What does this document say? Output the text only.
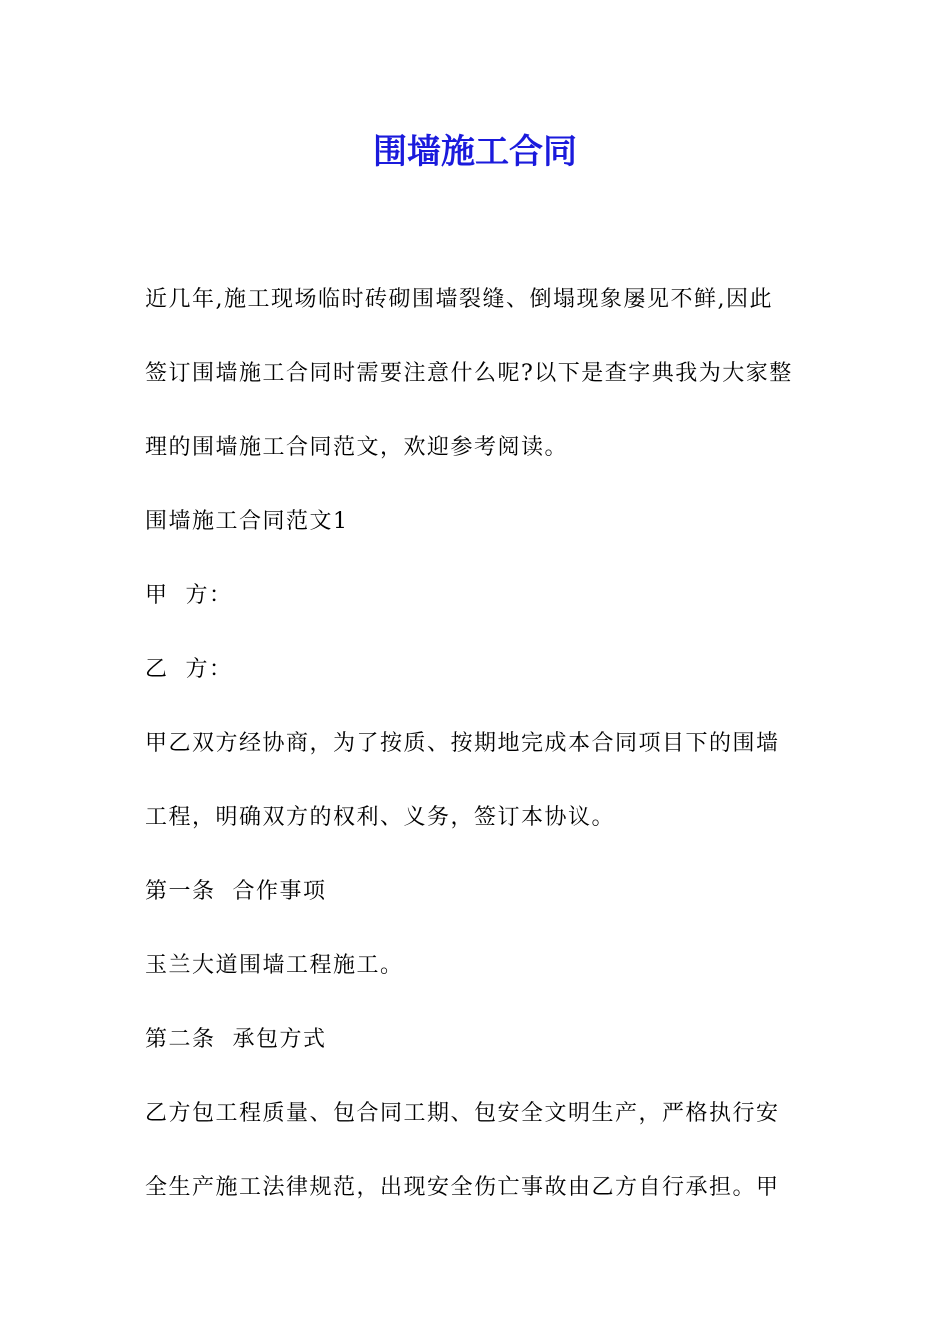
围墙施工合同

近几年,施工现场临时砖砌围墙裂缝、倒塌现象屡见不鲜,因此

签订围墙施工合同时需要注意什么呢?以下是查字典我为大家整

理的围墙施工合同范文，欢迎参考阅读。

围墙施工合同范文1

甲  方：

乙  方：

甲乙双方经协商，为了按质、按期地完成本合同项目下的围墙

工程，明确双方的权利、义务，签订本协议。

第一条  合作事项

玉兰大道围墙工程施工。

第二条  承包方式

乙方包工程质量、包合同工期、包安全文明生产，严格执行安

全生产施工法律规范，出现安全伤亡事故由乙方自行承担。甲
